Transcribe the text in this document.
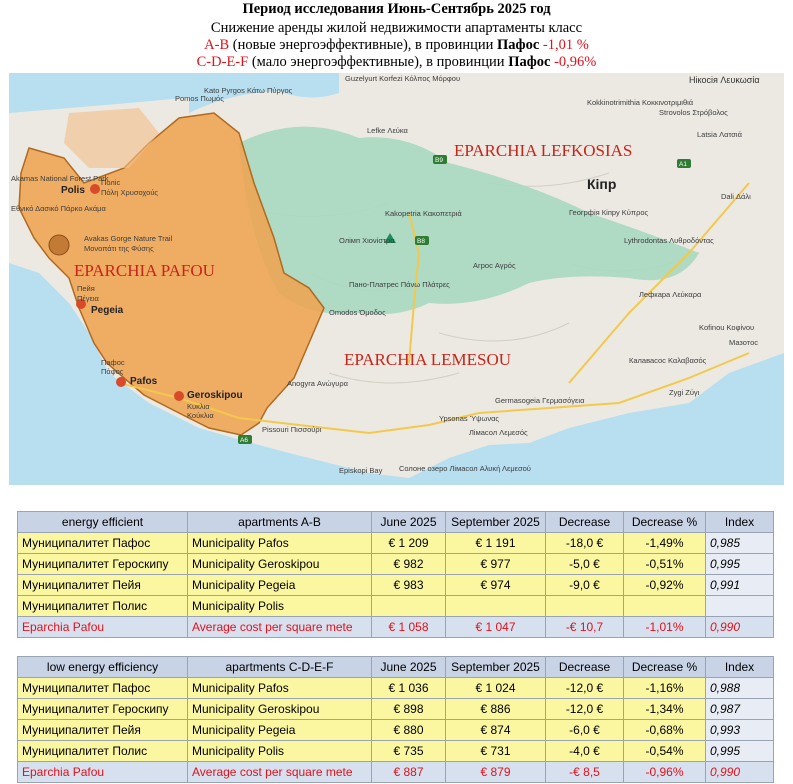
Период исследования Июнь-Сентябрь 2025 год
Снижение аренды жилой недвижимости апартаменты класс
A-B (новые энергоэффективные), в провинции Пафос -1,01 %
C-D-E-F (мало энергоэффективные), в провинции Пафос -0,96%
EPARCHIA PAFOU
EPARCHIA LEFKOSIAS
EPARCHIA LEMESOU
Кіпр
Polis
Поліс
Πόλη Χρυσοχούς
Pegeia
Пейя
Πέγεια
Pafos
Пафос
Πάφος
Geroskipou
Κυκλια
Κούκλια
Avakas Gorge Nature Trail
Μονοπάτι της Φύσης
Akamas National Forest Park
Εθνικό Δασικό Πάρκο Ακάμα
Guzelyurt Korfezi Κόλπος Μόρφου
Pomos Πωμός
Kato Pyrgos Κάτω Πύργος
Lefke Λεύκα
Kakopetria Κακοπετριά
Олімп Χιονίστρα
Агрос Αγρός
Пано-Платрес Πάνω Πλάτρες
Omodos Όμοδος
Геогрфія Кіпру Κύπρος
Lythrodontas Λυθροδόντας
Лефкара Λεύκαρα
Kofinou Κοφίνου
Kokkinotrimithia Κοκκινοτριμιθιά
Нікосія Λευκωσία
Strovolos Στρόβολος
Latsia Λατσιά
Dali Δάλι
Калавасос Καλαβασός
Germasogeia Γερμασόγεια
Zygi Ζύγι
Мазотос
Anogyra Ανώγυρα
Pissouri Πισσούρι
Ypsonas Ύψωνας
Лімасол Λεμεσός
Солоне озеро Лімасол Αλυκή Λεμεσού
Episkopi Bay
B9
B8
A1
A6
energy efficient	apartments A-B	June 2025	September 2025	Decrease	Decrease %	Index
Муниципалитет Пафос	Municipality Pafos	€ 1 209	€ 1 191	-18,0 €	-1,49%	0,985
Муниципалитет Героскипу	Municipality Geroskipou	€ 982	€ 977	-5,0 €	-0,51%	0,995
Муниципалитет Пейя	Municipality Pegeia	€ 983	€ 974	-9,0 €	-0,92%	0,991
Муниципалитет Полис	Municipality Polis					
Eparchia Pafou	Average cost per square mete	€ 1 058	€ 1 047	-€ 10,7	-1,01%	0,990
low energy efficiency	apartments C-D-E-F	June 2025	September 2025	Decrease	Decrease %	Index
Муниципалитет Пафос	Municipality Pafos	€ 1 036	€ 1 024	-12,0 €	-1,16%	0,988
Муниципалитет Героскипу	Municipality Geroskipou	€ 898	€ 886	-12,0 €	-1,34%	0,987
Муниципалитет Пейя	Municipality Pegeia	€ 880	€ 874	-6,0 €	-0,68%	0,993
Муниципалитет Полис	Municipality Polis	€ 735	€ 731	-4,0 €	-0,54%	0,995
Eparchia Pafou	Average cost per square mete	€ 887	€ 879	-€ 8,5	-0,96%	0,990
